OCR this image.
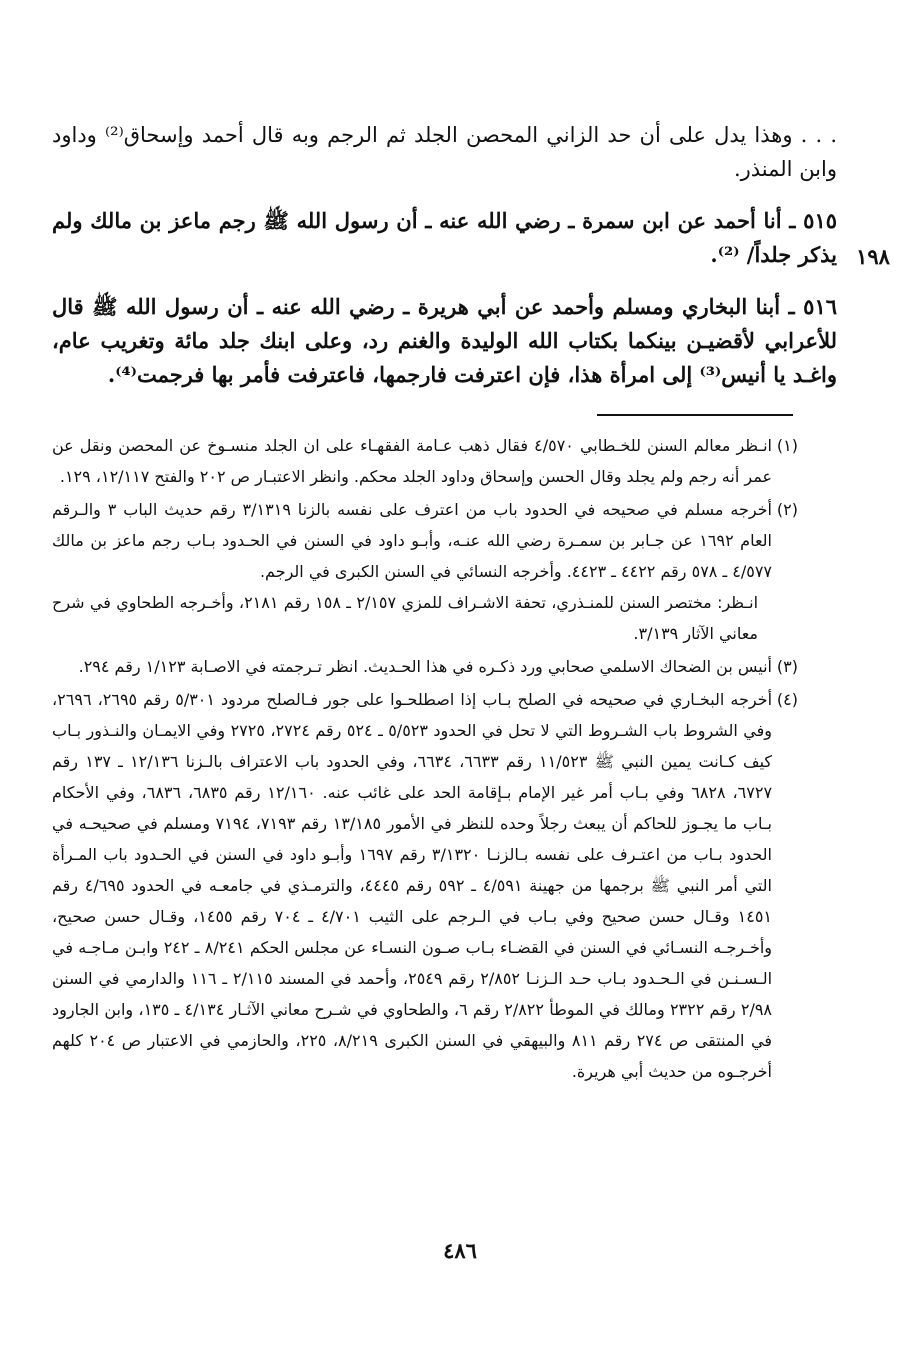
. . . وهذا يدل على أن حد الزاني المحصن الجلد ثم الرجم وبه قال أحمد وإسحاق⁽²⁾ وداود وابن المنذر.

٥١٥ ـ أنا أحمد عن ابن سمرة ـ رضي الله عنه ـ أن رسول الله ﷺ رجم ماعز بن مالك ولم يذكر جلداً/ ⁽²⁾.

٥١٦ ـ أبنا البخاري ومسلم وأحمد عن أبي هريرة ـ رضي الله عنه ـ أن رسول الله ﷺ قال للأعرابي لأقضيـن بينكما بكتاب الله الوليدة والغنم رد، وعلى ابنك جلد مائة وتغريب عام، واغـد يا أنيس⁽³⁾ إلى امرأة هذا، فإن اعترفت فارجمها، فاعترفت فأمر بها فرجمت⁽⁴⁾.

١٩٨
(١)
انـظر معالم السنن للخـطابي ٤/٥٧٠ فقال ذهب عـامة الفقهـاء على ان الجلد منسـوخ عن المحصن ونقل عن عمر أنه رجم ولم يجلد وقال الحسن وإسحاق وداود الجلد محكم. وانظر الاعتبـار ص ٢٠٢ والفتح ١٢/١١٧، ١٢٩.
(٢)
أخرجه مسلم في صحيحه في الحدود باب من اعترف على نفسه بالزنا ٣/١٣١٩ رقم حديث الباب ٣ والـرقم العام ١٦٩٢ عن جـابر بن سمـرة رضي الله عنـه، وأبـو داود في السنن في الحـدود بـاب رجم ماعز بن مالك ٤/٥٧٧ ـ ٥٧٨ رقم ٤٤٢٢ ـ ٤٤٢٣. وأخرجه النسائي في السنن الكبرى في الرجم.
انـظر: مختصر السنن للمنـذري، تحفة الاشـراف للمزي ٢/١٥٧ ـ ١٥٨ رقم ٢١٨١، وأخـرجه الطحاوي في شرح معاني الآثار ٣/١٣٩.
(٣)
أنيس بن الضحاك الاسلمي صحابي ورد ذكـره في هذا الحـديث. انظر تـرجمته في الاصـابة ١/١٢٣ رقم ٢٩٤.
(٤)
أخرجه البخـاري في صحيحه في الصلح بـاب إذا اصطلحـوا على جور فـالصلح مردود ٥/٣٠١ رقم ٢٦٩٥، ٢٦٩٦، وفي الشروط باب الشـروط التي لا تحل في الحدود ٥/٥٢٣ ـ ٥٢٤ رقم ٢٧٢٤، ٢٧٢٥ وفي الايمـان والنـذور بـاب كيف كـانت يمين النبي ﷺ ١١/٥٢٣ رقم ٦٦٣٣، ٦٦٣٤، وفي الحدود باب الاعتراف بالـزنا ١٢/١٣٦ ـ ١٣٧ رقم ٦٧٢٧، ٦٨٢٨ وفي بـاب أمر غير الإمام بـإقامة الحد على غائب عنه. ١٢/١٦٠ رقم ٦٨٣٥، ٦٨٣٦، وفي الأحكام بـاب ما يجـوز للحاكم أن يبعث رجلاً وحده للنظر في الأمور ١٣/١٨٥ رقم ٧١٩٣، ٧١٩٤ ومسلم في صحيحـه في الحدود بـاب من اعتـرف على نفسه بـالزنـا ٣/١٣٢٠ رقم ١٦٩٧ وأبـو داود في السنن في الحـدود باب المـرأة التي أمر النبي ﷺ برجمها من جهينة ٤/٥٩١ ـ ٥٩٢ رقم ٤٤٤٥، والترمـذي في جامعـه في الحدود ٤/٦٩٥ رقم ١٤٥١ وقـال حسن صحيح وفي بـاب في الـرجم على الثيب ٤/٧٠١ ـ ٧٠٤ رقم ١٤٥٥، وقـال حسن صحيح، وأخـرجـه النسـائي في السنن في القضـاء بـاب صـون النسـاء عن مجلس الحكم ٨/٢٤١ ـ ٢٤٢ وابـن مـاجـه في الـسـنـن في الـحـدود بـاب حـد الـزنـا ٢/٨٥٢ رقم ٢٥٤٩، وأحمد في المسند ٢/١١٥ ـ ١١٦ والدارمي في السنن ٢/٩٨ رقم ٢٣٢٢ ومالك في الموطأ ٢/٨٢٢ رقم ٦، والطحاوي في شـرح معاني الآثـار ٤/١٣٤ ـ ١٣٥، وابن الجارود في المنتقى ص ٢٧٤ رقم ٨١١ والبيهقي في السنن الكبرى ٨/٢١٩، ٢٢٥، والحازمي في الاعتبار ص ٢٠٤ كلهم أخرجـوه من حديث أبي هريرة.
٤٨٦
